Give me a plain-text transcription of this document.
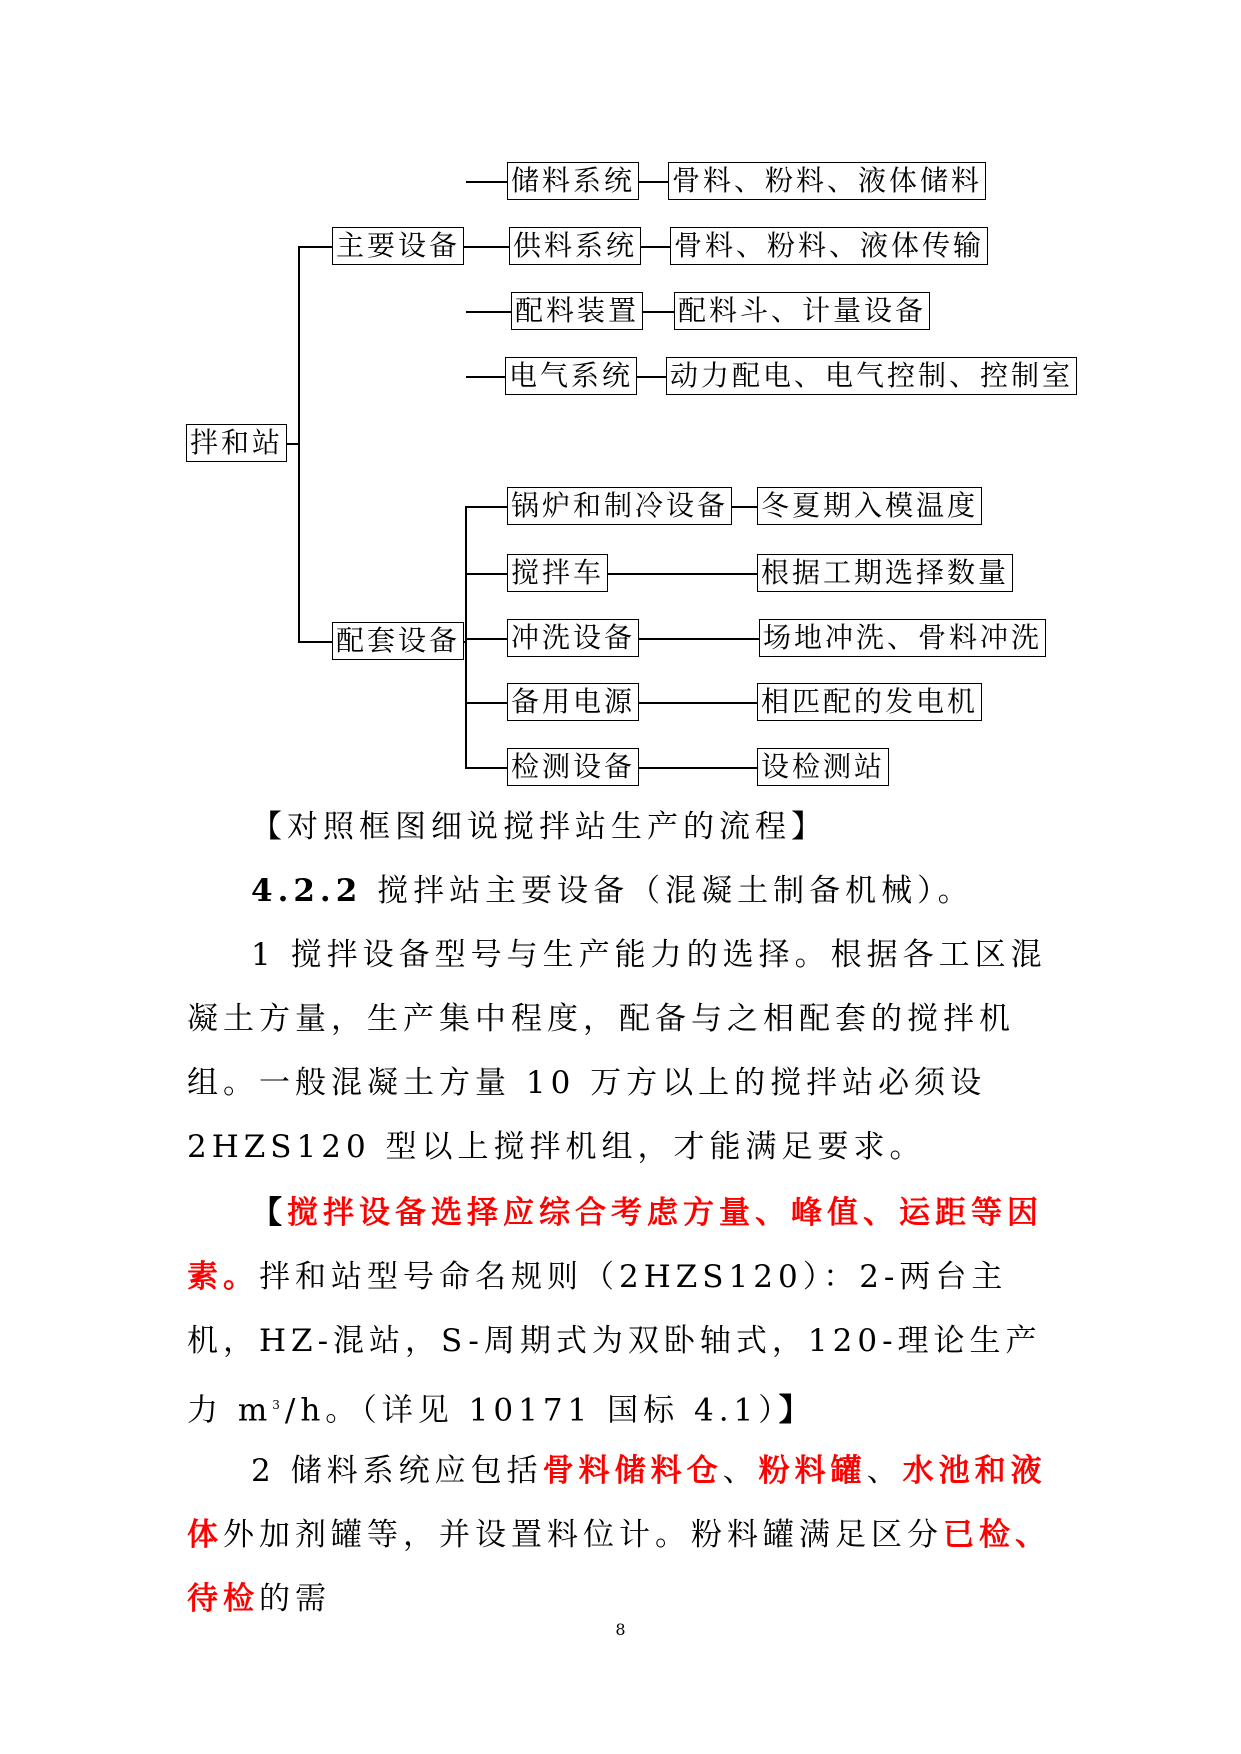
拌和站
主要设备
配套设备
储料系统
供料系统
配料装置
电气系统
骨料、粉料、液体储料
骨料、粉料、液体传输
配料斗、计量设备
动力配电、电气控制、控制室
锅炉和制冷设备
搅拌车
冲洗设备
备用电源
检测设备
冬夏期入模温度
根据工期选择数量
场地冲洗、骨料冲洗
相匹配的发电机
设检测站

【对照框图细说搅拌站生产的流程】

4.2.2 搅拌站主要设备（混凝土制备机械）。

1 搅拌设备型号与生产能力的选择。根据各工区混凝土方量，生产集中程度，配备与之相配套的搅拌机组。一般混凝土方量 10 万方以上的搅拌站必须设 2HZS120 型以上搅拌机组，才能满足要求。

【搅拌设备选择应综合考虑方量、峰值、运距等因素。拌和站型号命名规则（2HZS120）：2-两台主机，HZ-混站，S-周期式为双卧轴式，120-理论生产力 $m^3/h$。（详见 10171 国标 4.1）】

2 储料系统应包括骨料储料仓、粉料罐、水池和液体外加剂罐等，并设置料位计。粉料罐满足区分已检、待检的需

8
